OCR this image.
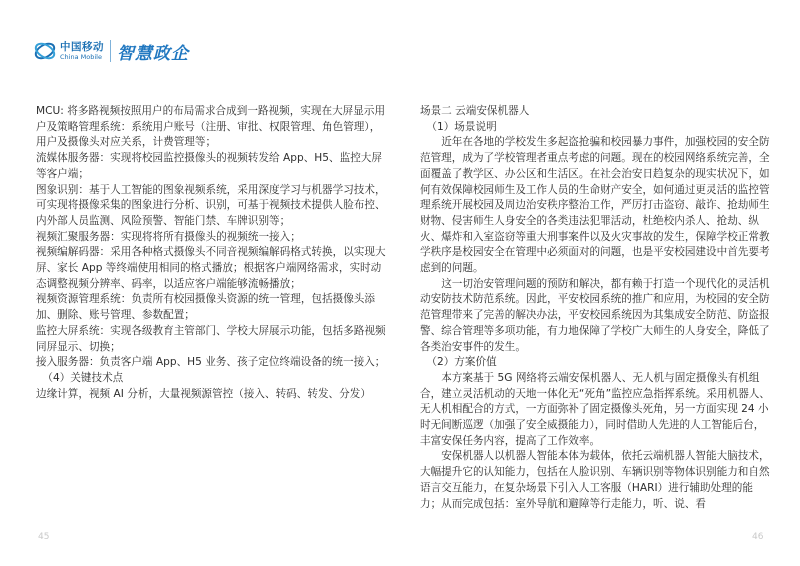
中国移动
China Mobile 智慧政企

MCU: 将多路视频按照用户的布局需求合成到一路视频，实现在大屏显示用户及策略管理系统：系统用户账号（注册、审批、权限管理、角色管理），用户及摄像头对应关系，计费管理等；

流媒体服务器：实现将校园监控摄像头的视频转发给 App、H5、监控大屏等客户端；

图象识别：基于人工智能的图象视频系统，采用深度学习与机器学习技术，可实现将摄像采集的图象进行分析、识别，可基于视频技术提供人脸布控、内外部人员监测、风险预警、智能门禁、车牌识别等；

视频汇聚服务器：实现将将所有摄像头的视频统一接入；

视频编解码器：采用各种格式摄像头不同音视频编解码格式转换，以实现大屏、家长 App 等终端使用相同的格式播放；根据客户端网络需求，实时动态调整视频分辨率、码率，以适应客户端能够流畅播放；

视频资源管理系统：负责所有校园摄像头资源的统一管理，包括摄像头添加、删除、账号管理、参数配置；

监控大屏系统：实现各级教育主管部门、学校大屏展示功能，包括多路视频同屏显示、切换；

接入服务器：负责客户端 App、H5 业务、孩子定位终端设备的统一接入；

（4）关键技术点

边缘计算，视频 AI 分析，大量视频源管控（接入、转码、转发、分发）

场景二 云端安保机器人

（1）场景说明

近年在各地的学校发生多起盗抢骗和校园暴力事件，加强校园的安全防范管理，成为了学校管理者重点考虑的问题。现在的校园网络系统完善，全面覆盖了教学区、办公区和生活区。在社会治安日趋复杂的现实状况下，如何有效保障校园师生及工作人员的生命财产安全，如何通过更灵活的监控管理系统开展校园及周边治安秩序整治工作，严厉打击盗窃、敲诈、抢劫师生财物、侵害师生人身安全的各类违法犯罪活动，杜绝校内杀人、抢劫、纵火、爆炸和入室盗窃等重大刑事案件以及火灾事故的发生，保障学校正常教学秩序是校园安全在管理中必须面对的问题，也是平安校园建设中首先要考虑到的问题。

这一切治安管理问题的预防和解决，都有赖于打造一个现代化的灵活机动安防技术防范系统。因此，平安校园系统的推广和应用，为校园的安全防范管理带来了完善的解决办法，平安校园系统因为其集成安全防范、防盗报警、综合管理等多项功能，有力地保障了学校广大师生的人身安全，降低了各类治安事件的发生。

（2）方案价值

本方案基于 5G 网络将云端安保机器人、无人机与固定摄像头有机组合，建立灵活机动的天地一体化无“死角”监控应急指挥系统。采用机器人、无人机相配合的方式，一方面弥补了固定摄像头死角，另一方面实现 24 小时无间断巡逻（加强了安全威摄能力），同时借助人先进的人工智能后台，丰富安保任务内容，提高了工作效率。

安保机器人以机器人智能本体为载体，依托云端机器人智能大脑技术，大幅提升它的认知能力，包括在人脸识别、车辆识别等物体识别能力和自然语言交互能力，在复杂场景下引入人工客服（HARI）进行辅助处理的能力；从而完成包括：室外导航和避障等行走能力，听、说、看

45	46
